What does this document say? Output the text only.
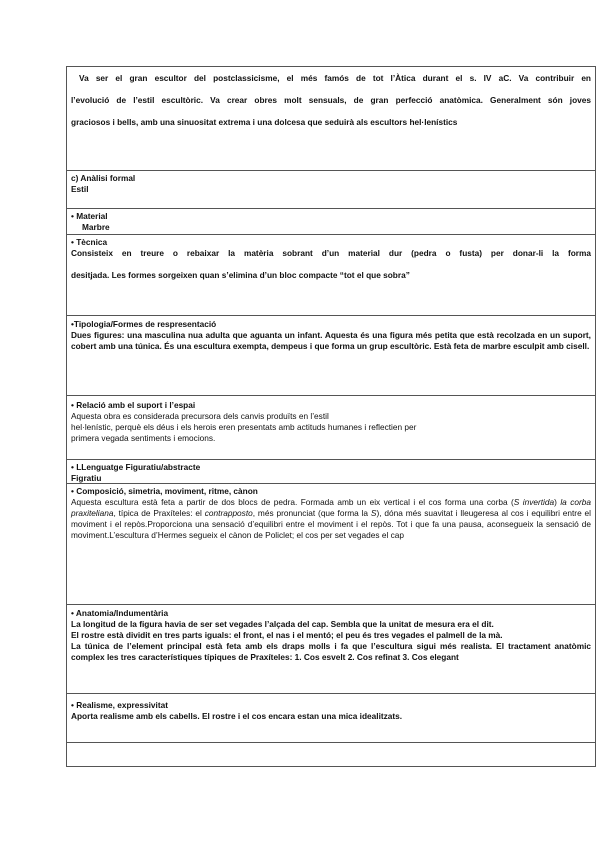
Va ser el gran escultor del postclassicisme, el més famós de tot l’Àtica durant el s. IV aC. Va contribuir en

l’evolució de l’estil escultòric. Va crear obres molt sensuals, de gran perfecció anatòmica. Generalment són joves

graciosos i bells, amb una sinuositat extrema i una dolcesa que seduirà als escultors hel·lenístics

c) Anàlisi formal

Estil

• Material

Marbre

• Tècnica

Consisteix en treure o rebaixar la matèria sobrant d’un material dur (pedra o fusta) per donar-li la forma

desitjada. Les formes sorgeixen quan s’elimina d’un bloc compacte “tot el que sobra”

•Tipologia/Formes de respresentació

Dues figures: una masculina nua adulta que aguanta un infant. Aquesta és una figura més petita que està recolzada en un suport, cobert amb una túnica. És una escultura exempta, dempeus i que forma un grup escultòric. Està feta de marbre esculpit amb cisell.

• Relació amb el suport i l’espai

Aquesta obra es considerada precursora dels canvis produïts en l’estil

hel·lenístic, perquè els déus i els herois eren presentats amb actituds humanes i reflectien per

primera vegada sentiments i emocions.

• LLenguatge Figuratiu/abstracte

Figratiu

• Composició, simetria, moviment, ritme, cànon

Aquesta escultura està feta a partir de dos blocs de pedra. Formada amb un eix vertical i el cos forma una corba (S invertida) la corba praxiteliana, típica de Praxíteles: el contrapposto, més pronunciat (que forma la S), dóna més suavitat i lleugeresa al cos i equilibri entre el moviment i el repòs.Proporciona una sensació d’equilibri entre el moviment i el repòs. Tot i que fa una pausa, aconsegueix la sensació de moviment.L’escultura d’Hermes segueix el cànon de Policlet; el cos per set vegades el cap

• Anatomia/Indumentària

La longitud de la figura havia de ser set vegades l’alçada del cap. Sembla que la unitat de mesura era el dit.

El rostre està dividit en tres parts iguals: el front, el nas i el mentó; el peu és tres vegades el palmell de la mà.

La túnica de l’element principal està feta amb els draps molls i fa que l’escultura sigui més realista. El tractament anatòmic complex les tres característiques típiques de Praxíteles: 1. Cos esvelt 2. Cos refinat 3. Cos elegant

• Realisme, expressivitat

Aporta realisme amb els cabells. El rostre i el cos encara estan una mica idealitzats.
